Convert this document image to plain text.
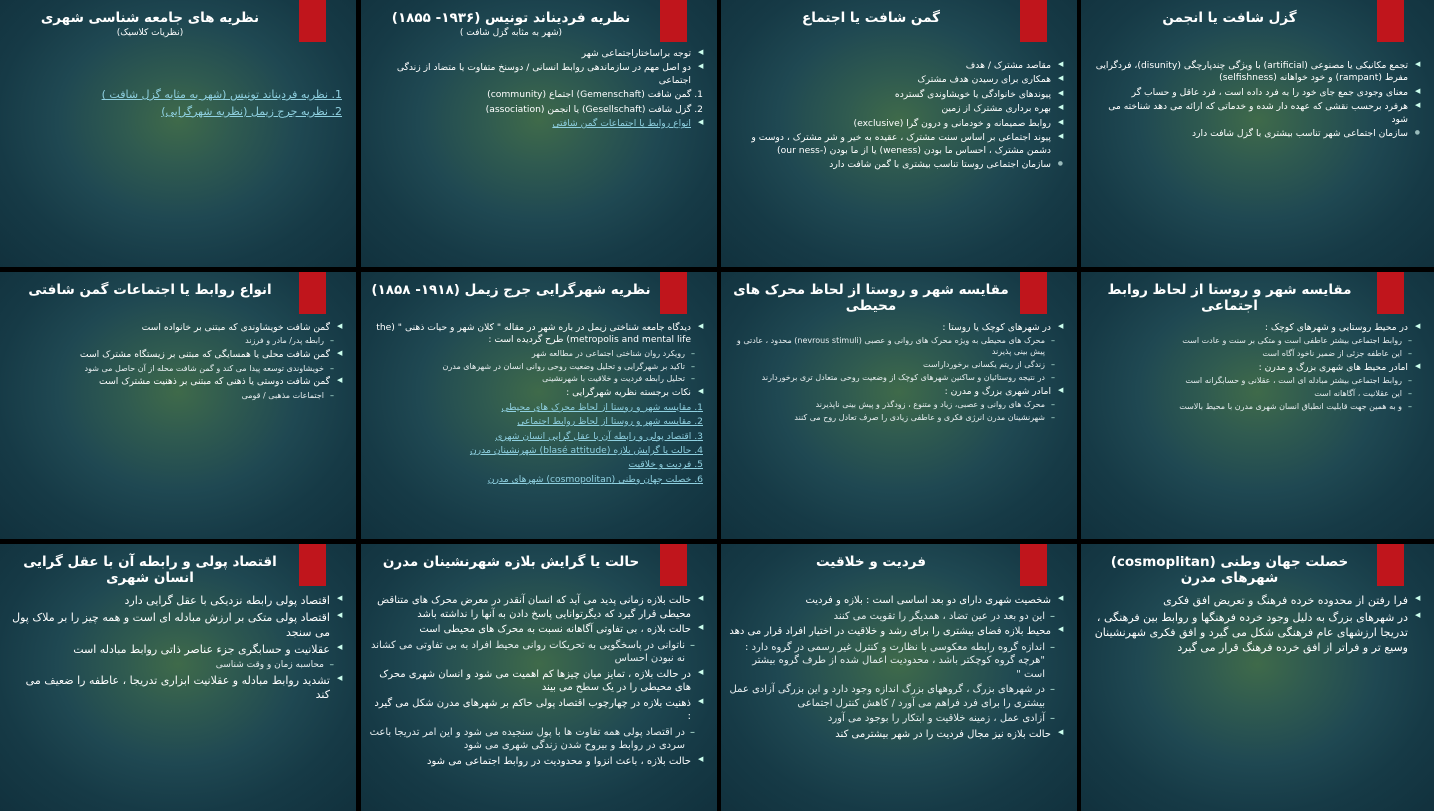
نظریه های جامعه شناسی شهری
(نظریات کلاسیک)
1. نظریه فردیناند تونیس (شهر به مثابه گزل شافت )
2. نظریه جرج زیمل (نظریه شهرگرایی)
نظریه فردیناند تونیس (۱۹۳۶- ۱۸۵۵)
(شهر به مثابه گزل شافت )
▶ توجه براساختاراجتماعی شهر
▶ دو اصل مهم در سازماندهی روابط انسانی / دوسنخ متفاوت یا متضاد از زندگی اجتماعی
1. گمن شافت (Gemenschaft) اجتماع (community)
2. گزل شافت (Gesellschaft) یا انجمن (association)
▶ انواع روابط یا اجتماعات گمن شافتی
گمن شافت یا اجتماع
▶ مقاصد مشترک / هدف
▶ همکاری برای رسیدن هدف مشترک
▶ پیوندهای خانوادگی یا خویشاوندی گسترده
▶ بهره برداری مشترک از زمین
▶ روابط صمیمانه و خودمانی و درون گرا (exclusive)
▶ پیوند اجتماعی بر اساس سنت مشترک ، عقیده به خیر و شر مشترک ، دوست و دشمن مشترک ، احساس ما بودن (weness) یا از ما بودن (-our ness)
● سازمان اجتماعی روستا تناسب بیشتری با گمن شافت دارد
گزل شافت یا انجمن
▶ تجمع مکانیکی یا مصنوعی (artificial) با ویژگی چندپارچگی (disunity)، فردگرایی مفرط (rampant) و خود خواهانه (selfishness)
▶ معنای وجودی جمع جای خود را به فرد داده است ، فرد عاقل و حساب گر
▶ هرفرد برحسب نقشی که عهده دار شده و خدماتی که ارائه می دهد شناخته می شود
● سازمان اجتماعی شهر تناسب بیشتری با گزل شافت دارد
انواع روابط یا اجتماعات گمن شافتی
▶ گمن شافت خویشاوندی که مبتنی بر خانواده است
– رابطه پدر/ مادر و فرزند
▶ گمن شافت محلی یا همسایگی که مبتنی بر زیستگاه مشترک است
– خویشاوندی توسعه پیدا می کند و گمن شافت محله از آن حاصل می شود
▶ گمن شافت دوستی یا ذهنی که مبتنی بر ذهنیت مشترک است
– اجتماعات مذهبی / قومی
نظریه شهرگرایی جرج زیمل (۱۹۱۸- ۱۸۵۸)
▶ دیدگاه جامعه شناختی زیمل در باره شهر در مقاله " کلان شهر و حیات ذهنی " (the metropolis and mental life) طرح گردیده است :
– رویکرد روان شناختی اجتماعی در مطالعه شهر
– تاکید بر شهرگرایی و تحلیل وضعیت روحی روانی انسان در شهرهای مدرن
– تحلیل رابطه فردیت و خلاقیت با شهرنشینی
▶ نکات برجسته نظریه شهرگرایی :
1. مقایسه شهر و روستا از لحاظ محرک های محیطی
2. مقایسه شهر و روستا از لحاظ روابط اجتماعی
3. اقتصاد پولی و رابطه آن با عقل گرایی انسان شهری
4. حالت یا گرایش بلازه (blasé attitude) شهرنشینان مدرن
5. فردیت و خلاقیت
6. خصلت جهان وطنی (cosmopolitan) شهرهای مدرن
مقایسه شهر و روستا از لحاظ محرک های محیطی
▶ در شهرهای کوچک یا روستا :
– محرک های محیطی به ویژه محرک های روانی و عصبی (nevrous stimuli) محدود ، عادتی و پیش بینی پذیرند
– زندگی از ریتم یکسانی برخورداراست
– در نتیجه روستائیان و ساکنین شهرهای کوچک از وضعیت روحی متعادل تری برخوردارند
▶ امادر شهری بزرگ و مدرن :
– محرک های روانی و عصبی، زیاد و متنوع ، زودگذر و پیش بینی ناپذیرند
– شهرنشینان مدرن انرژی فکری و عاطفی زیادی را صرف تعادل روح می کنند
مقایسه شهر و روستا از لحاظ روابط اجتماعی
▶ در محیط روستایی و شهرهای کوچک :
– روابط اجتماعی بیشتر عاطفی است و متکی بر سنت و عادت است
– این عاطفه جزئی از ضمیر ناخود آگاه است
▶ امادر محیط های شهری بزرگ و مدرن :
– روابط اجتماعی بیشتر مبادله ای است ، عقلانی و حسابگرانه است
– این عقلانیت ، آگاهانه است
– و به همین جهت قابلیت انطباق انسان شهری مدرن با محیط بالاست
اقتصاد پولی و رابطه آن با عقل گرایی انسان شهری
▶ اقتصاد پولی رابطه نزدیکی با عقل گرایی دارد
▶ اقتصاد پولی متکی بر ارزش مبادله ای است و همه چیز را بر ملاک پول می سنجد
▶ عقلانیت و حسابگری جزء عناصر ذاتی روابط مبادله است
– محاسبه زمان و وقت شناسی
▶ تشدید روابط مبادله و عقلانیت ابزاری تدریجا ، عاطفه را ضعیف می کند
حالت یا گرایش بلازه شهرنشینان مدرن
▶ حالت بلازه زمانی پدید می آید که انسان آنقدر در معرض محرک های متناقض محیطی قرار گیرد که دیگرتوانایی پاسخ دادن به آنها را نداشته باشد
▶ حالت بلازه ، بی تفاوتی آگاهانه نسبت به محرک های محیطی است
– ناتوانی در پاسخگویی به تحریکات روانی محیط افراد به بی تفاوتی می کشاند نه نبودن احساس
▶ در حالت بلازه ، تمایز میان چیزها کم اهمیت می شود و انسان شهری محرک های محیطی را در یک سطح می بیند
▶ ذهنیت بلازه در چهارچوب اقتصاد پولی حاکم بر شهرهای مدرن شکل می گیرد :
– در اقتصاد پولی همه تفاوت ها با پول سنجیده می شود و این امر تدریجا باعث سردی در روابط و بیروح شدن زندگی شهری می شود
▶ حالت بلازه ، باعث انزوا و محدودیت در روابط اجتماعی می شود
فردیت و خلاقیت
▶ شخصیت شهری دارای دو بعد اساسی است : بلازه و فردیت
– این دو بعد در عین تضاد ، همدیگر را تقویت می کنند
▶ محیط بلازه فضای بیشتری را برای رشد و خلاقیت در اختیار افراد قرار می دهد
– اندازه گروه رابطه معکوسی با نظارت و کنترل غیر رسمی در گروه دارد : "هرچه گروه کوچکتر باشد ، محدودیت اعمال شده از طرف گروه بیشتر است "
– در شهرهای بزرگ ، گروههای بزرگ اندازه وجود دارد و این بزرگی آزادی عمل بیشتری را برای فرد فراهم می آورد / کاهش کنترل اجتماعی
– آزادی عمل ، زمینه خلاقیت و ابتکار را بوجود می آورد
▶ حالت بلازه نیز مجال فردیت را در شهر بیشترمی کند
خصلت جهان وطنی (cosmoplitan) شهرهای مدرن
▶ فرا رفتن از محدوده خرده فرهنگ و تعریض افق فکری
▶ در شهرهای بزرگ به دلیل وجود خرده فرهنگها و روابط بین فرهنگی ، تدریجا ارزشهای عام فرهنگی شکل می گیرد و افق فکری شهرنشینان وسیع تر و فراتر از افق خرده فرهنگ قرار می گیرد
